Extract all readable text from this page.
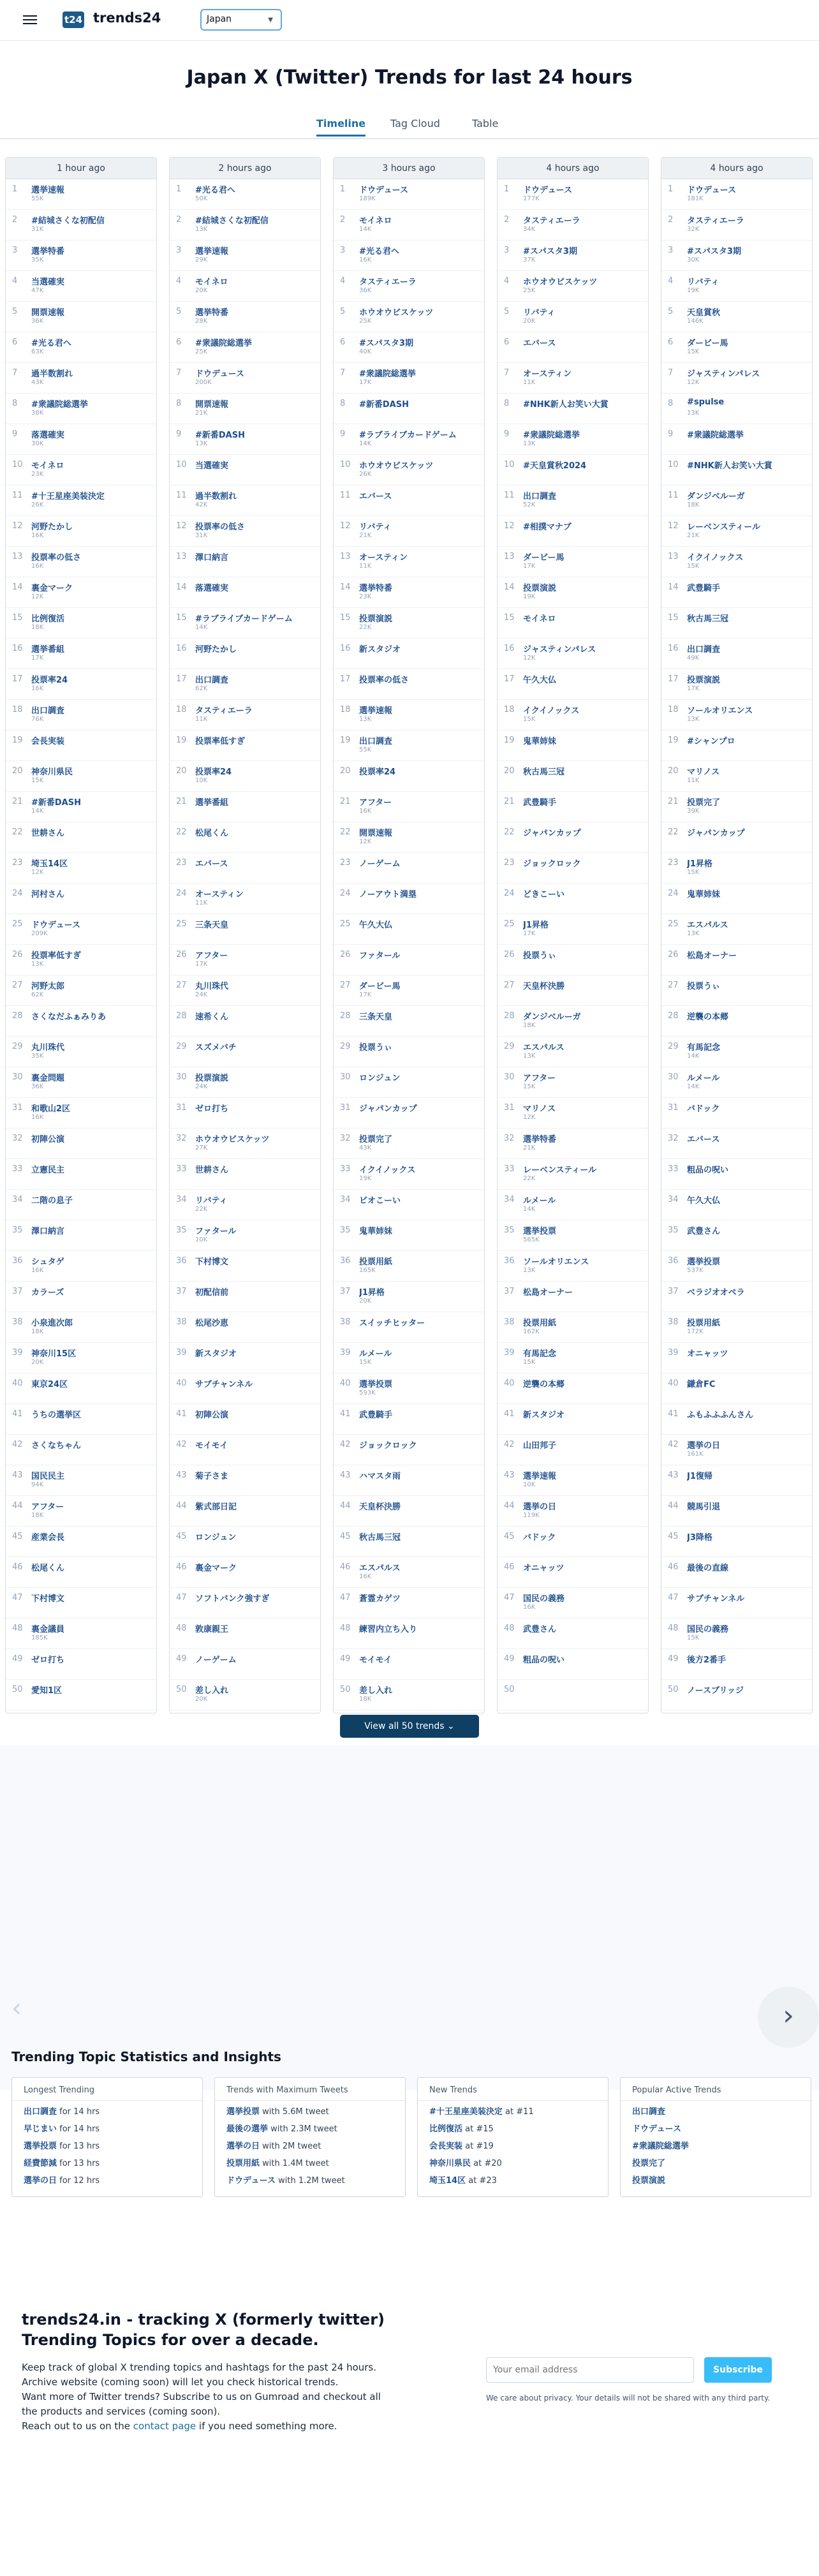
t24 trends24	Japan	▼
Japan X (Twitter) Trends for last 24 hours
Timeline Tag Cloud	Table
1 hour ago
1	選挙速報
55K
2	#結城さくな初配信
31K
3	選挙特番
35K
4	当選確実
47K
5	開票速報
36K
6	#光る君へ
63K
7	過半数割れ
43K
8	#衆議院総選挙
38K
9	落選確実
30K
10	モイネロ
23K
11	#十王星座美装決定
26K
12	河野たかし
16K
13	投票率の低さ
16K
14	裏金マーク
12K
15	比例復活
18K
16	選挙番組
17K
17	投票率24
16K
18	出口調査
76K
19	会長実装
20	神奈川県民
15K
21	#新番DASH
14K
22	世耕さん
23	埼玉14区
12K
24	河村さん
25	ドウデュース
209K
26	投票率低すぎ
13K
27	河野太郎
62K
28	さくなだふぁみりあ
29	丸川珠代
35K
30	裏金問題
36K
31	和歌山2区
16K
32	初陣公演
33	立憲民主
34	二階の息子
35	澤口納言
36	シュタゲ
16K
37	カラーズ
38	小泉進次郎
18K
39	神奈川15区
20K
40	東京24区
41	うちの選挙区
42	さくなちゃん
43	国民民主
94K
44	アフター
18K
45	産業会長
46	松尾くん
47	下村博文
48	裏金議員
185K
49	ゼロ打ち
50	愛知1区
2 hours ago
1	#光る君へ
50K
2	#結城さくな初配信
13K
3	選挙速報
29K
4	モイネロ
20K
5	選挙特番
28K
6	#衆議院総選挙
25K
7	ドウデュース
200K
8	開票速報
21K
9	#新番DASH
13K
10	当選確実
11	過半数割れ
42K
12	投票率の低さ
31K
13	澤口納言
14	落選確実
15	#ラブライブカードゲーム
14K
16	河野たかし
17	出口調査
62K
18	タスティエーラ
11K
19	投票率低すぎ
20	投票率24
10K
21	選挙番組
22	松尾くん
23	エバース
24	オースティン
11K
25	三条天皇
26	アフター
17K
27	丸川珠代
24K
28	速希くん
29	スズメバチ
30	投票演説
24K
31	ゼロ打ち
32	ホウオウビスケッツ
27K
33	世耕さん
34	リバティ
22K
35	ファタール
10K
36	下村博文
37	初配信前
38	松尾沙恵
39	新スタジオ
40	サブチャンネル
41	初陣公演
42	モイモイ
43	菊子さま
44	紫式部日記
45	ロンジュン
46	裏金マーク
47	ソフトバンク強すぎ
48	敦康親王
49	ノーゲーム
50	差し入れ
20K
3 hours ago
1	ドウデュース
189K
2	モイネロ
14K
3	#光る君へ
16K
4	タスティエーラ
36K
5	ホウオウビスケッツ
25K
6	#スパスタ3期
40K
7	#衆議院総選挙
17K
8	#新番DASH
9	#ラブライブカードゲーム
14K
10	ホウオウビスケッツ
26K
11	エバース
12	リバティ
21K
13	オースティン
11K
14	選挙特番
23K
15	投票演説
22K
16	新スタジオ
17	投票率の低さ
18	選挙速報
13K
19	出口調査
55K
20	投票率24
21	アフター
16K
22	開票速報
12K
23	ノーゲーム
24	ノーアウト満塁
25	午久大仏
26	ファタール
27	ダービー馬
17K
28	三条天皇
29	投票うぃ
30	ロンジュン
31	ジャパンカップ
32	投票完了
43K
33	イクイノックス
19K
34	ビオこーい
35	鬼華姉妹
36	投票用紙
165K
37	J1昇格
20K
38	スイッチヒッター
39	ルメール
15K
40	選挙投票
593K
41	武豊騎手
42	ジョックロック
43	ハマスタ雨
44	天皇杯決勝
45	秋古馬三冠
46	エスパルス
16K
47	蒼霊カゲツ
48	練習内立ち入り
49	モイモイ
50	差し入れ
18K
4 hours ago
1	ドウデュース
177K
2	タスティエーラ
34K
3	#スパスタ3期
37K
4	ホウオウビスケッツ
25K
5	リバティ
20K
6	エバース
7	オースティン
11K
8	#NHK新人お笑い大賞
9	#衆議院総選挙
13K
10	#天皇賞秋2024
11	出口調査
52K
12	#相撲マナブ
13	ダービー馬
17K
14	投票演説
19K
15	モイネロ
16	ジャスティンパレス
12K
17	午久大仏
18	イクイノックス
15K
19	鬼華姉妹
20	秋古馬三冠
21	武豊騎手
22	ジャパンカップ
23	ジョックロック
24	どきこーい
25	J1昇格
17K
26	投票うぃ
27	天皇杯決勝
28	ダンジベルーガ
18K
29	エスパルス
13K
30	アフター
15K
31	マリノス
12K
32	選挙特番
21K
33	レーベンスティール
22K
34	ルメール
14K
35	選挙投票
565K
36	ソールオリエンス
13K
37	松島オーナー
38	投票用紙
162K
39	有馬記念
15K
40	逆襲の本郷
41	新スタジオ
42	山田邦子
43	選挙速報
10K
44	選挙の日
119K
45	バドック
46	オニャッツ
47	国民の義務
16K
48	武豊さん
49	粗品の呪い
50
4 hours ago
1	ドウデュース
181K
2	タスティエーラ
32K
3	#スパスタ3期
30K
4	リバティ
19K
5	天皇賞秋
146K
6	ダービー馬
15K
7	ジャスティンパレス
12K
8	#spulse
13K
9	#衆議院総選挙
10	#NHK新人お笑い大賞
11	ダンジベルーガ
18K
12	レーベンスティール
21K
13	イクイノックス
15K
14	武豊騎手
15	秋古馬三冠
16	出口調査
49K
17	投票演説
17K
18	ソールオリエンス
13K
19	#シャンプロ
20	マリノス
11K
21	投票完了
39K
22	ジャパンカップ
23	J1昇格
15K
24	鬼華姉妹
25	エスパルス
13K
26	松島オーナー
27	投票うぃ
28	逆襲の本郷
29	有馬記念
14K
30	ルメール
14K
31	バドック
32	エバース
33	粗品の呪い
34	午久大仏
35	武豊さん
36	選挙投票
537K
37	ベラジオオペラ
38	投票用紙
172K
39	オニャッツ
40	鎌倉FC
41	ふもふふふんさん
42	選挙の日
161K
43	J1復帰
44	競馬引退
45	J3降格
46	最後の直線
47	サブチャンネル
48	国民の義務
15K
49	後方2番手
50	ノースブリッジ
View all 50 trends ⌄
‹	›
Trending Topic Statistics and Insights
Longest Trending
出口調査 for 14 hrs
早じまい for 14 hrs
選挙投票 for 13 hrs
経費節減 for 13 hrs
選挙の日 for 12 hrs
Trends with Maximum Tweets
選挙投票 with 5.6M tweet
最後の選挙 with 2.3M tweet
選挙の日 with 2M tweet
投票用紙 with 1.4M tweet
ドウデュース with 1.2M tweet
New Trends
#十王星座美装決定 at #11
比例復活 at #15
会長実装 at #19
神奈川県民 at #20
埼玉14区 at #23
Popular Active Trends
出口調査
ドウデュース
#衆議院総選挙
投票完了
投票演説
trends24.in - tracking X (formerly twitter) Trending Topics for over a decade.
Keep track of global X trending topics and hashtags for the past 24 hours.
Archive website (coming soon) will let you check historical trends.
Want more of Twitter trends? Subscribe to us on Gumroad and checkout all the products and services (coming soon).
Reach out to us on the contact page if you need something more.
Your email address
Subscribe
We care about privacy. Your details will not be shared with any third party.
